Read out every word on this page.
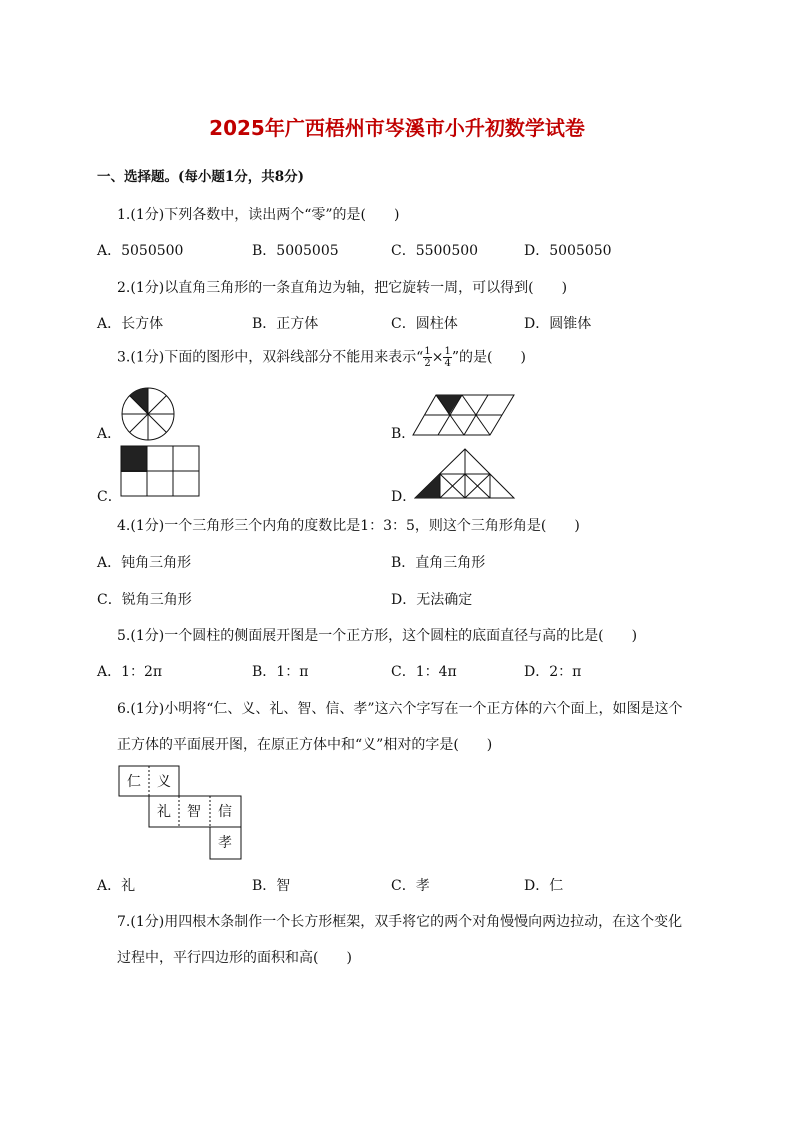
2025年广西梧州市岑溪市小升初数学试卷
一、选择题。(每小题1分，共8分)
1.(1分)下列各数中，读出两个“零”的是(　　)
A．5050500	B．5005005	C．5500500	D．5005050
2.(1分)以直角三角形的一条直角边为轴，把它旋转一周，可以得到(　　)
A．长方体	B．正方体	C．圆柱体	D．圆锥体
3.(1分)下面的图形中，双斜线部分不能用来表示“ $\frac{1}{2} \times \frac{1}{4}$ ”的是(　　)
A．	B．
C．	D．
4.(1分)一个三角形三个内角的度数比是1：3：5，则这个三角形角是(　　)
A．钝角三角形	B．直角三角形
C．锐角三角形	D．无法确定
5.(1分)一个圆柱的侧面展开图是一个正方形，这个圆柱的底面直径与高的比是(　　)
A．1：2π	B．1：π	C．1：4π	D．2：π
6.(1分)小明将“仁、义、礼、智、信、孝”这六个字写在一个正方体的六个面上，如图是这个
正方体的平面展开图，在原正方体中和“义”相对的字是(　　)
仁	义
礼	智	信
孝
A．礼	B．智	C．孝	D．仁
7.(1分)用四根木条制作一个长方形框架，双手将它的两个对角慢慢向两边拉动，在这个变化
过程中，平行四边形的面积和高(　　)
